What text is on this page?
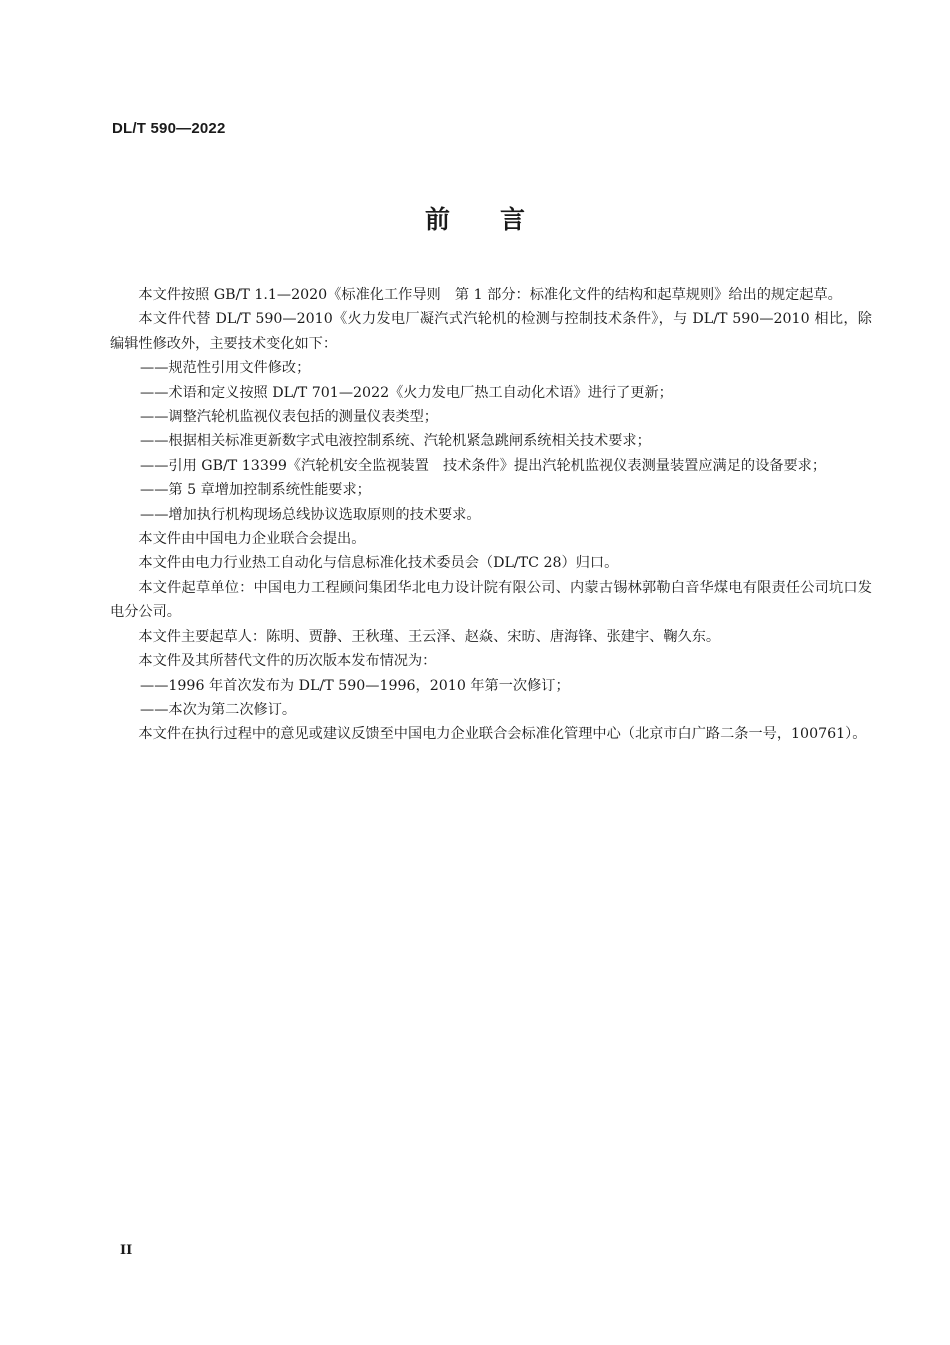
DL/T 590—2022
前言

本文件按照 GB/T 1.1—2020《标准化工作导则　第 1 部分：标准化文件的结构和起草规则》给出的规定起草。

本文件代替 DL/T 590—2010《火力发电厂凝汽式汽轮机的检测与控制技术条件》，与 DL/T 590—2010 相比，除编辑性修改外，主要技术变化如下：

——规范性引用文件修改；

——术语和定义按照 DL/T 701—2022《火力发电厂热工自动化术语》进行了更新；

——调整汽轮机监视仪表包括的测量仪表类型；

——根据相关标准更新数字式电液控制系统、汽轮机紧急跳闸系统相关技术要求；

——引用 GB/T 13399《汽轮机安全监视装置　技术条件》提出汽轮机监视仪表测量装置应满足的设备要求；

——第 5 章增加控制系统性能要求；

——增加执行机构现场总线协议选取原则的技术要求。

本文件由中国电力企业联合会提出。

本文件由电力行业热工自动化与信息标准化技术委员会（DL/TC 28）归口。

本文件起草单位：中国电力工程顾问集团华北电力设计院有限公司、内蒙古锡林郭勒白音华煤电有限责任公司坑口发电分公司。

本文件主要起草人：陈明、贾静、王秋瑾、王云泽、赵焱、宋昉、唐海锋、张建宇、鞠久东。

本文件及其所替代文件的历次版本发布情况为：

——1996 年首次发布为 DL/T 590—1996，2010 年第一次修订；

——本次为第二次修订。

本文件在执行过程中的意见或建议反馈至中国电力企业联合会标准化管理中心（北京市白广路二条一号，100761）。

II
